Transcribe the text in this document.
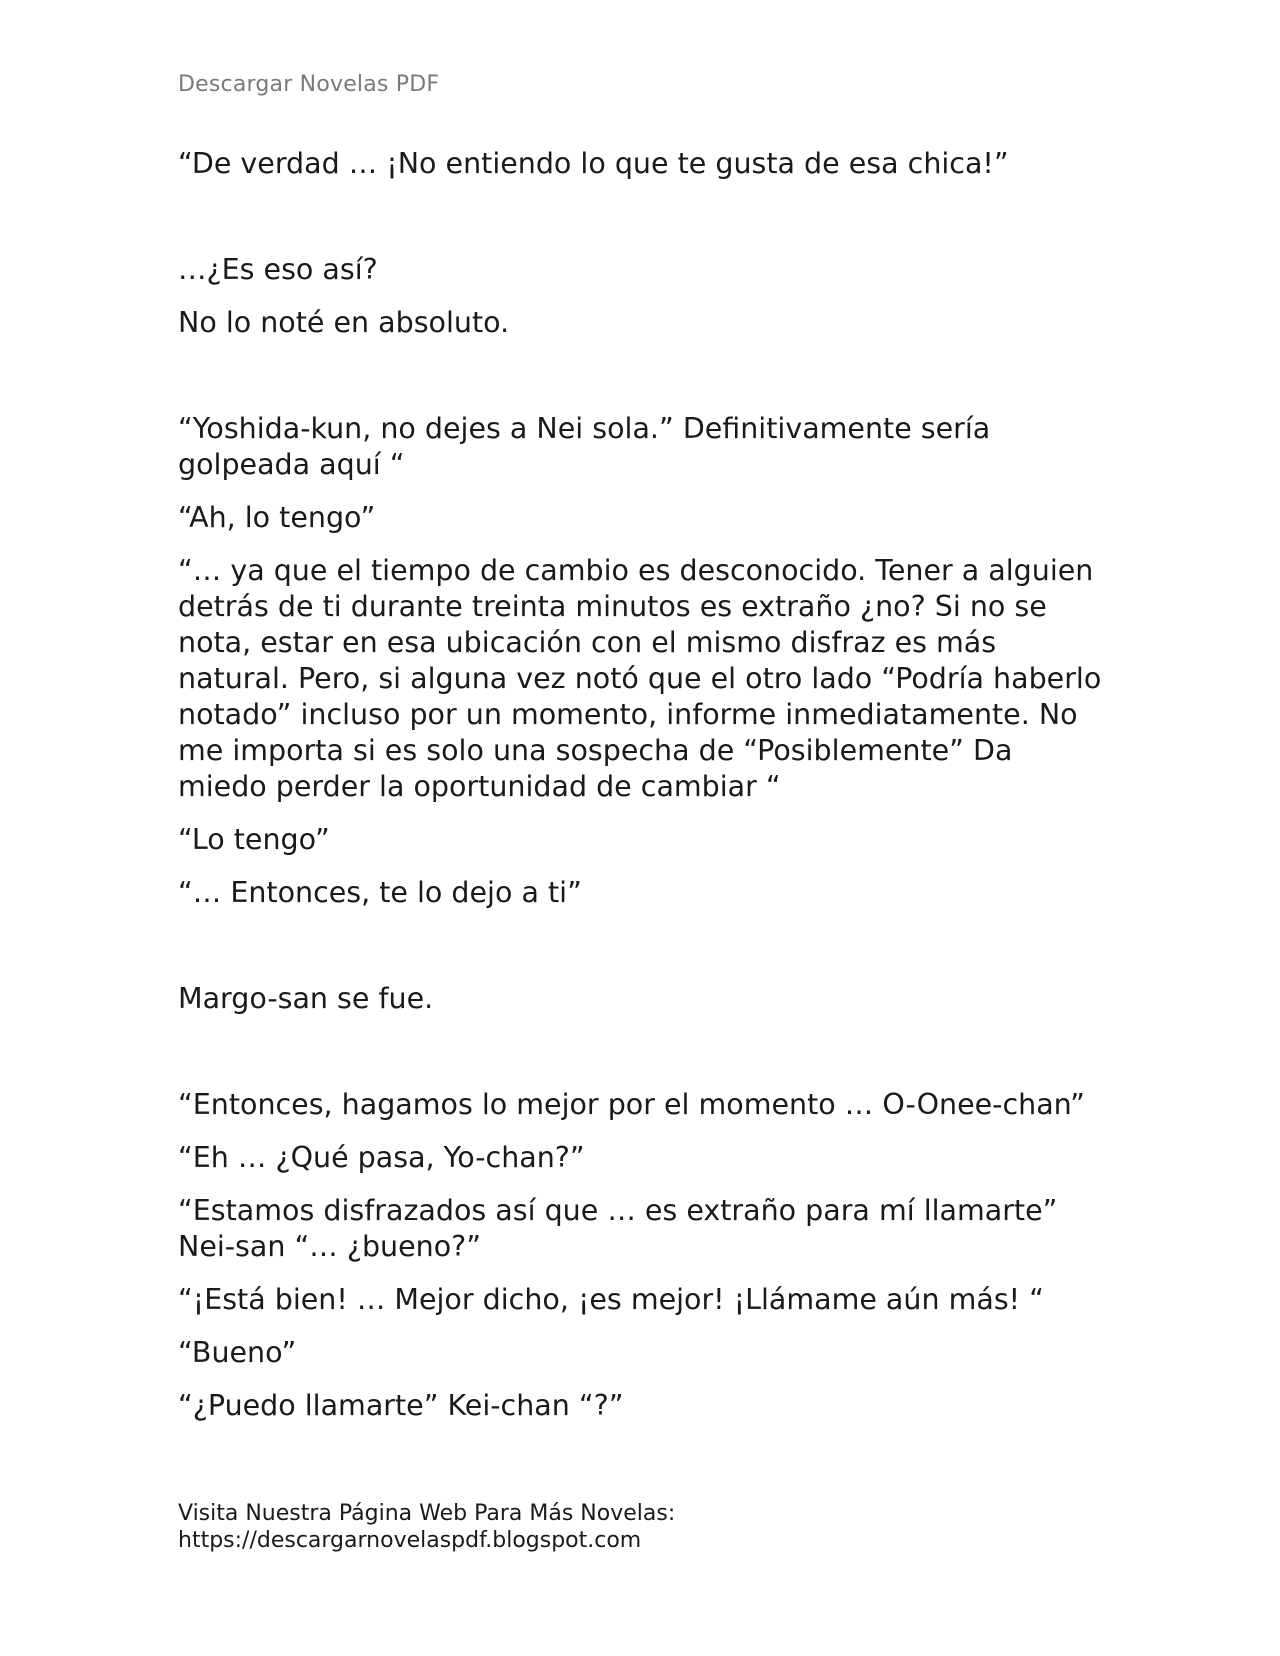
Descargar Novelas PDF

“De verdad … ¡No entiendo lo que te gusta de esa chica!”

…¿Es eso así?

No lo noté en absoluto.

“Yoshida-kun, no dejes a Nei sola.” Definitivamente sería golpeada aquí “

“Ah, lo tengo”

“… ya que el tiempo de cambio es desconocido. Tener a alguien detrás de ti durante treinta minutos es extraño ¿no? Si no se nota, estar en esa ubicación con el mismo disfraz es más natural. Pero, si alguna vez notó que el otro lado “Podría haberlo notado” incluso por un momento, informe inmediatamente. No me importa si es solo una sospecha de “Posiblemente” Da miedo perder la oportunidad de cambiar “

“Lo tengo”

“… Entonces, te lo dejo a ti”

Margo-san se fue.

“Entonces, hagamos lo mejor por el momento … O-Onee-chan”

“Eh … ¿Qué pasa, Yo-chan?”

“Estamos disfrazados así que … es extraño para mí llamarte” Nei-san “… ¿bueno?”

“¡Está bien! … Mejor dicho, ¡es mejor! ¡Llámame aún más! “

“Bueno”

“¿Puedo llamarte” Kei-chan “?”

Visita Nuestra Página Web Para Más Novelas:
https://descargarnovelaspdf.blogspot.com
